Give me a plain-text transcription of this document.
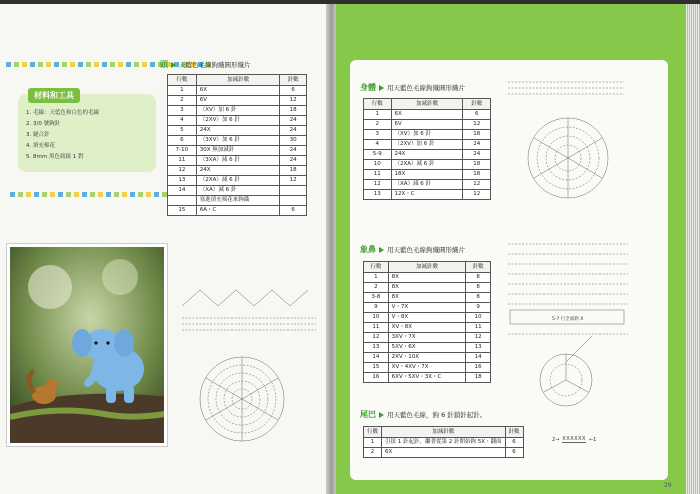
材料和工具
1. 毛線：天藍色和白色的毛線
2. 3/0 號鉤針
3. 縫合針
4. 填充棉花
5. 8mm 黑色鈕鏡 1 對
頭 天藍色毛線鉤織圓形織片
行數	加減針數	針數
1	6X	6
2	6V	12
3	（XV）加 6 針	18
4	（2XV）加 6 針	24
5	24X	24
6	（3XV）加 6 針	30
7-10	30X 無加減針	24
11	（3XA）減 6 針	24
12	24X	18
13	（2XA）減 6 針	12
14	（XA）減 6 針	
	塞進填充棉花來鉤織	
15	6A・C	6
身體 用天藍色毛線鉤織圓形織片
行數	加減針數	針數
1	6X	6
2	6V	12
3	（XV）加 6 針	18
4	（2XV）加 6 針	24
5-9	24X	24
10	（2XA）減 6 針	18
11	18X	18
12	（XA）減 6 針	12
13	12X・C	12
象鼻 用天藍色毛線鉤織圓形織片
行數	加減針數	針數
1	8X	8
2	8X	8
3-8	8X	8
9	V・7X	9
10	V・8X	10
11	XV・8X	11
12	3XV・7X	12
13	5XV・6X	13
14	2XV・10X	14
15	XV・4XV・7X	16
16	6XV・5XV・3X・C	18
5-7 行全部鉤 X
尾巴 用天藍色毛線，鉤 6 針鎖針起針。
行數	加減針數	針數
1	引拔 1 針起針，繼著從第 2 針開始鉤 5X・翻面	6
2	6X	6
2→ XXXXXX ←1
29
